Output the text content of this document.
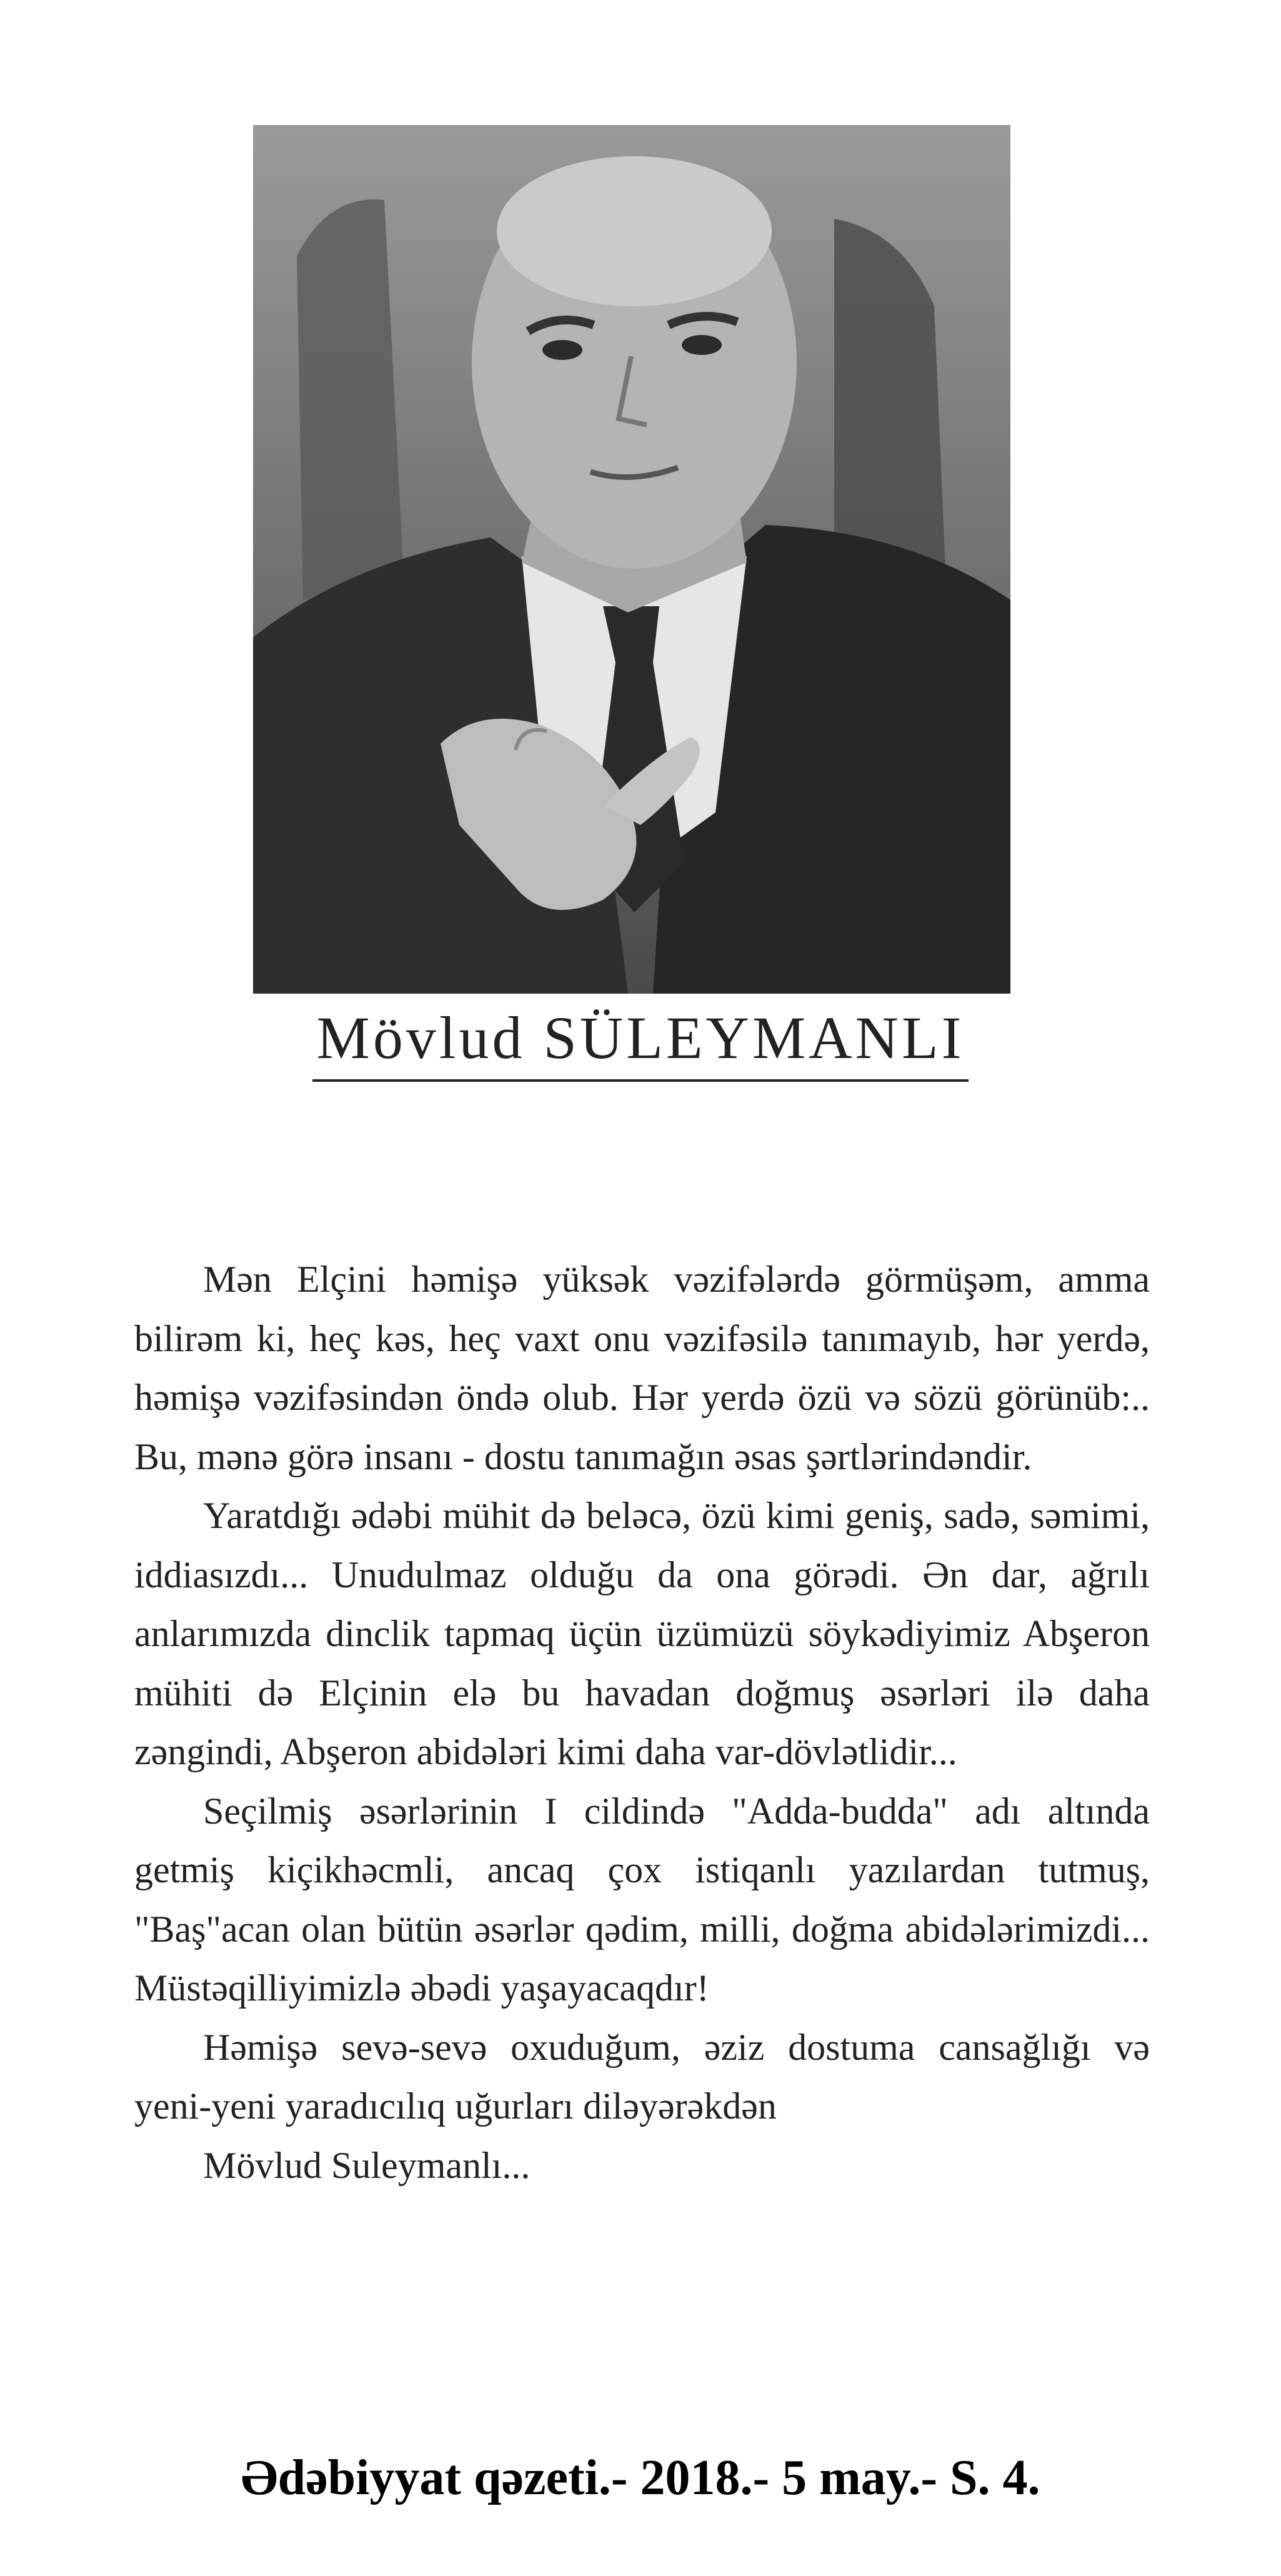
Mövlud SÜLEYMANLI

Mən Elçini həmişə yüksək vəzifələrdə görmüşəm, amma bilirəm ki, heç kəs, heç vaxt onu vəzifəsilə tanımayıb, hər yerdə, həmişə vəzifəsindən öndə olub. Hər yerdə özü və sözü görünüb:.. Bu, mənə görə insanı - dostu tanımağın əsas şərtlərindəndir.

Yaratdığı ədəbi mühit də beləcə, özü kimi geniş, sadə, səmimi, iddiasızdı... Unudulmaz olduğu da ona görədi. Ən dar, ağrılı anlarımızda dinclik tapmaq üçün üzümüzü söykədiyimiz Abşeron mühiti də Elçinin elə bu havadan doğmuş əsərləri ilə daha zəngindi, Abşeron abidələri kimi daha var-dövlətlidir...

Seçilmiş əsərlərinin I cildində "Adda-budda" adı altında getmiş kiçikhəcmli, ancaq çox istiqanlı yazılardan tutmuş, "Baş"acan olan bütün əsərlər qədim, milli, doğma abidələrimizdi... Müstəqilliyimizlə əbədi yaşayacaqdır!

Həmişə sevə-sevə oxuduğum, əziz dostuma cansağlığı və yeni-yeni yaradıcılıq uğurları diləyərəkdən

Mövlud Suleymanlı...

Ədəbiyyat qəzeti.- 2018.- 5 may.- S. 4.
